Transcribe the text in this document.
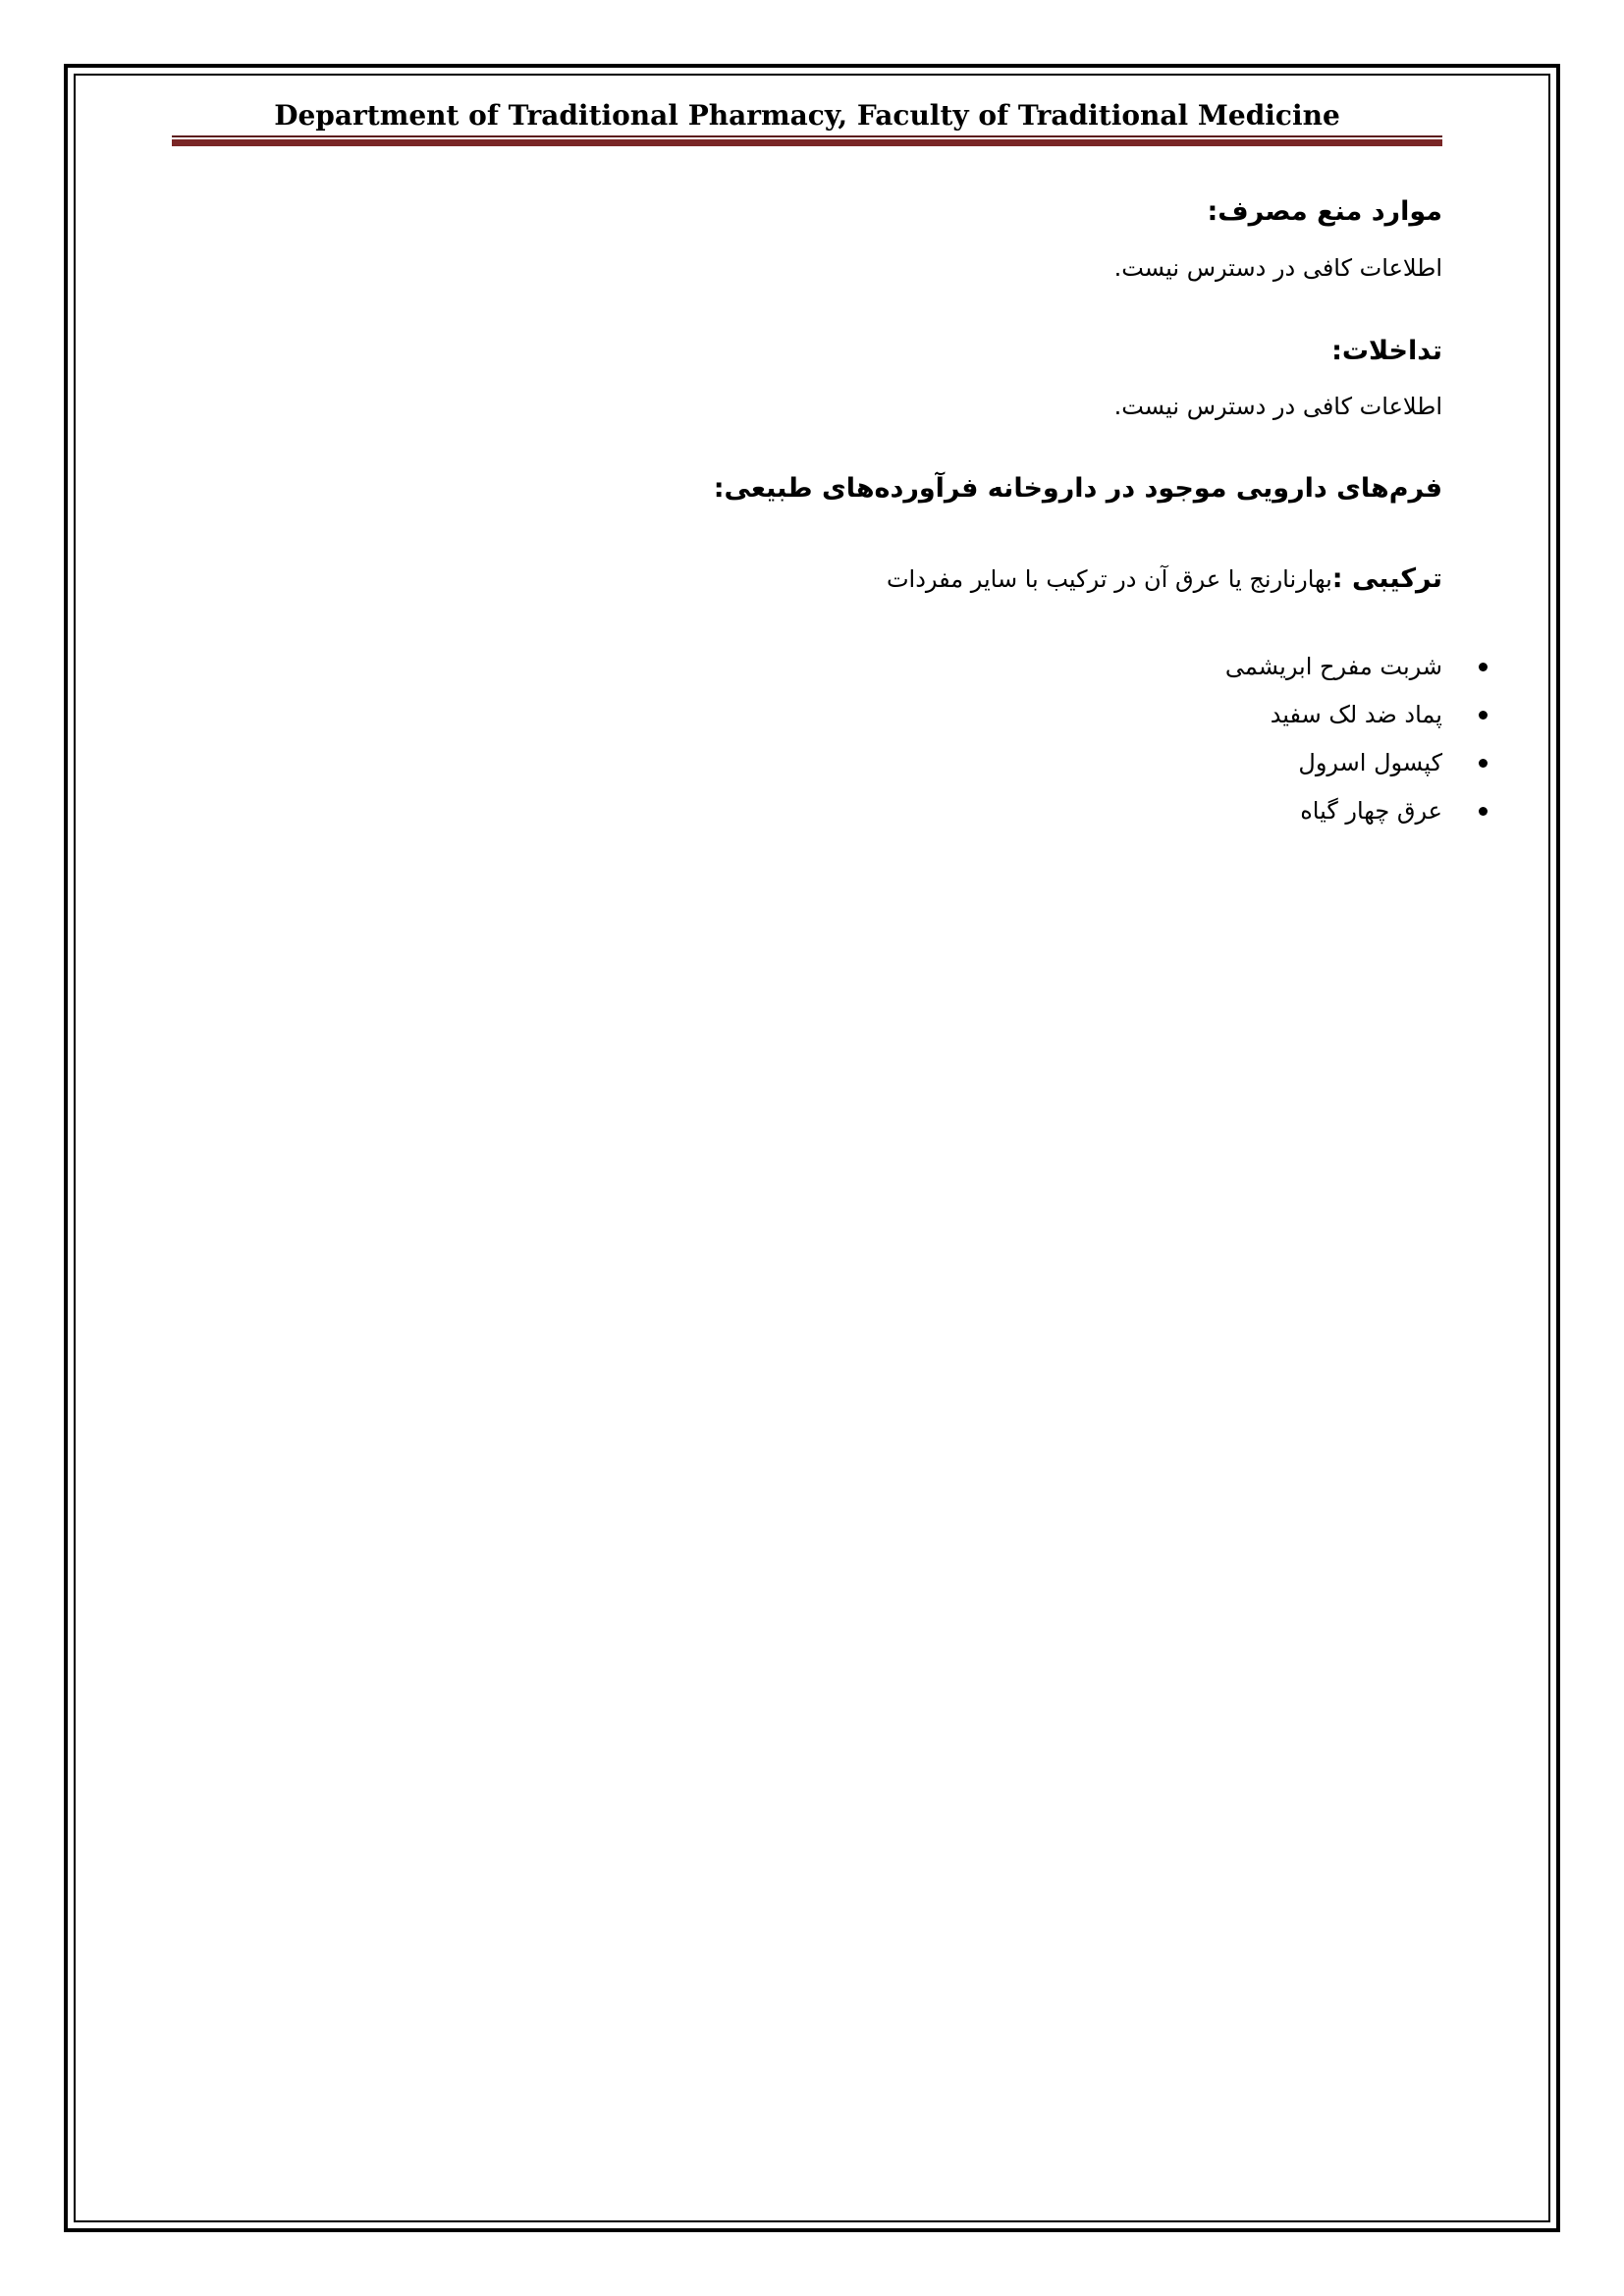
Department of Traditional Pharmacy, Faculty of Traditional Medicine
موارد منع مصرف:
اطلاعات کافی در دسترس نیست.
تداخلات:
اطلاعات کافی در دسترس نیست.
فرم‌های دارویی موجود در داروخانه فرآورده‌های طبیعی:
ترکیبی :بهارنارنج یا عرق آن در ترکیب با سایر مفردات
شربت مفرح ابریشمی
پماد ضد لک سفید
کپسول اسرول
عرق چهار گیاه
